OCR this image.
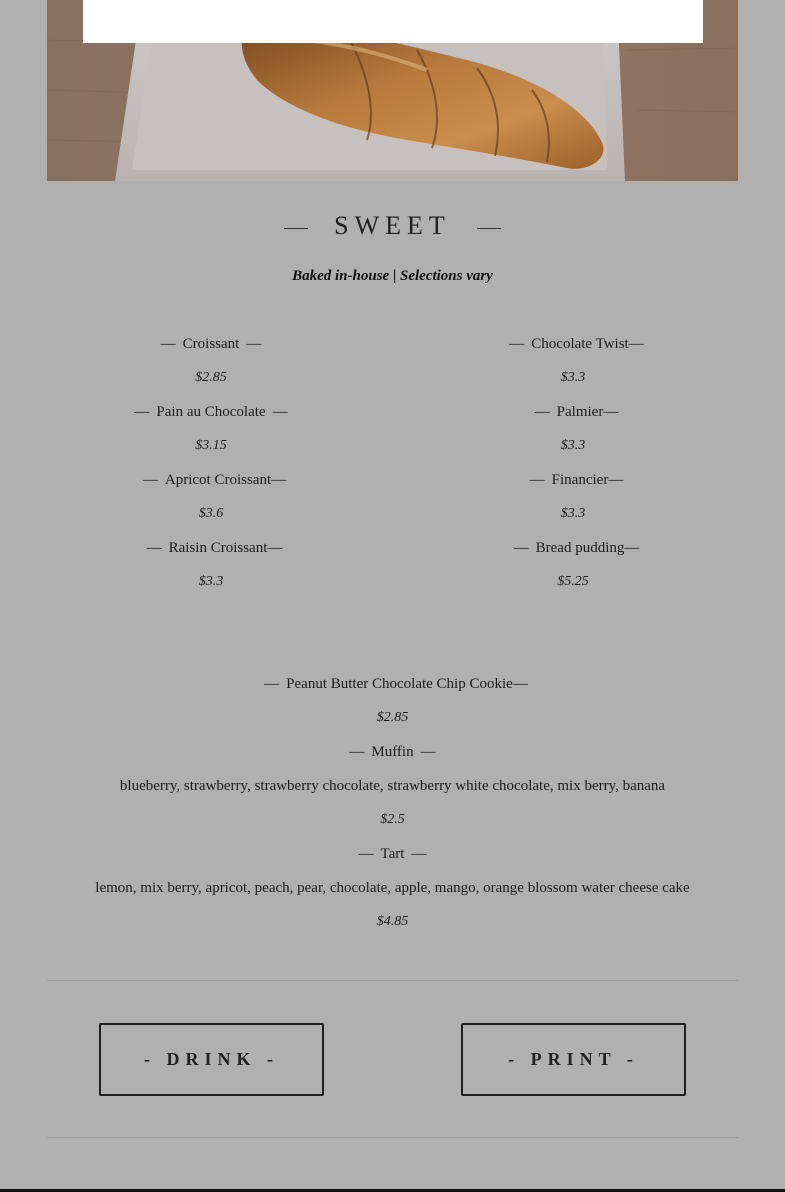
SWEET
Baked in-house | Selections vary
— Croissant —
$2.85
— Pain au Chocolate —
$3.15
— Apricot Croissant—
$3.6
— Raisin Croissant—
$3.3
— Chocolate Twist—
$3.3
— Palmier—
$3.3
— Financier—
$3.3
— Bread pudding—
$5.25
— Peanut Butter Chocolate Chip Cookie—
$2.85
— Muffin —
blueberry, strawberry, strawberry chocolate, strawberry white chocolate, mix berry, banana
$2.5
— Tart —
lemon, mix berry, apricot, peach, pear, chocolate, apple, mango, orange blossom water cheese cake
$4.85
- DRINK -	- PRINT -
